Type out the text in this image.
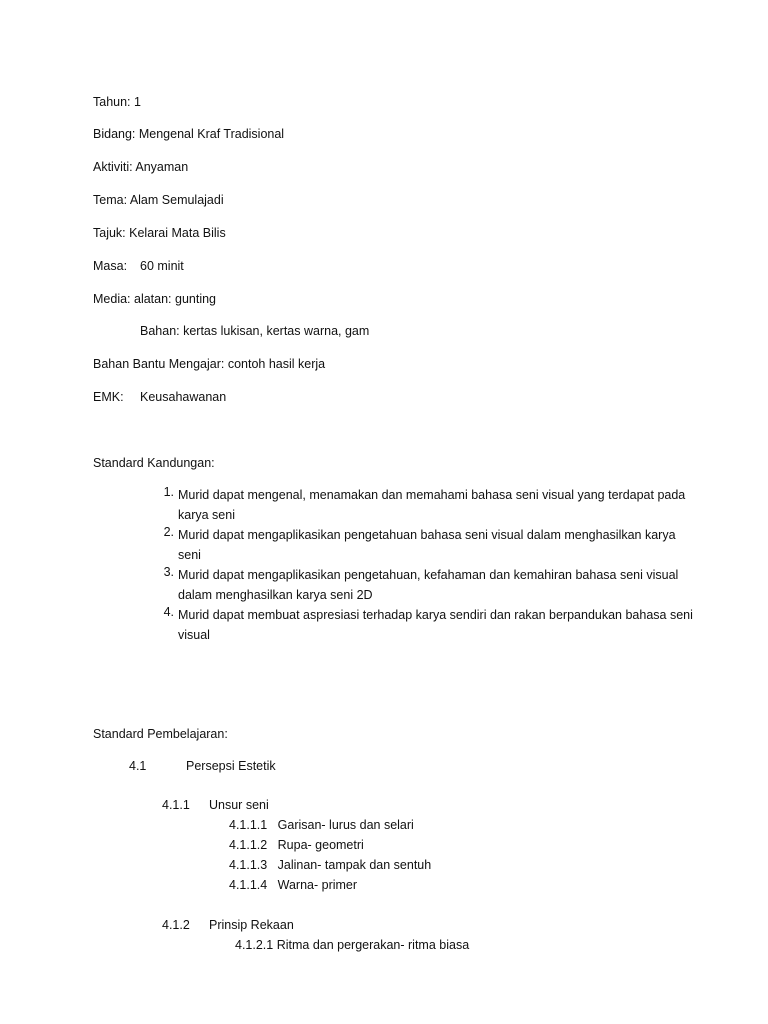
Tahun: 1
Bidang: Mengenal Kraf Tradisional
Aktiviti: Anyaman
Tema: Alam Semulajadi
Tajuk: Kelarai Mata Bilis
Masa: 60 minit
Media: alatan: gunting
Bahan: kertas lukisan, kertas warna, gam
Bahan Bantu Mengajar: contoh hasil kerja
EMK: Keusahawanan
Standard Kandungan:
1. Murid dapat mengenal, menamakan dan memahami bahasa seni visual yang terdapat pada karya seni
2. Murid dapat mengaplikasikan pengetahuan bahasa seni visual dalam menghasilkan karya seni
3. Murid dapat mengaplikasikan pengetahuan, kefahaman dan kemahiran bahasa seni visual dalam menghasilkan karya seni 2D
4. Murid dapat membuat aspresiasi terhadap karya sendiri dan rakan berpandukan bahasa seni visual
Standard Pembelajaran:
4.1	Persepsi Estetik
4.1.1 Unsur seni
4.1.1.1   Garisan- lurus dan selari
4.1.1.2   Rupa- geometri
4.1.1.3   Jalinan- tampak dan sentuh
4.1.1.4   Warna- primer
4.1.2 Prinsip Rekaan
4.1.2.1 Ritma dan pergerakan- ritma biasa
